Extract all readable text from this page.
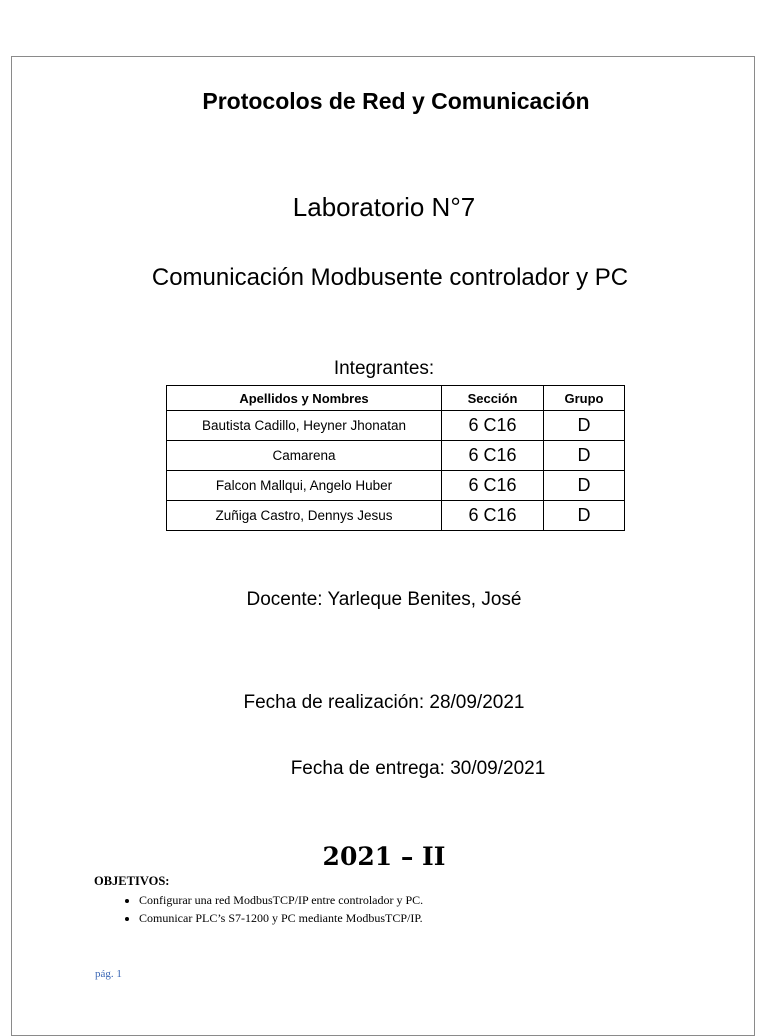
Protocolos de Red y Comunicación
Laboratorio N°7
Comunicación Modbusente controlador y PC
Integrantes:
Apellidos y Nombres	Sección	Grupo
Bautista Cadillo, Heyner Jhonatan	6 C16	D
Camarena	6 C16	D
Falcon Mallqui, Angelo Huber	6 C16	D
Zuñiga Castro, Dennys Jesus	6 C16	D
Docente: Yarleque Benites, José
Fecha de realización: 28/09/2021
Fecha de entrega: 30/09/2021
2021 – II
OBJETIVOS:
• Configurar una red ModbusTCP/IP entre controlador y PC.
• Comunicar PLC’s S7-1200 y PC mediante ModbusTCP/IP.
pág. 1
